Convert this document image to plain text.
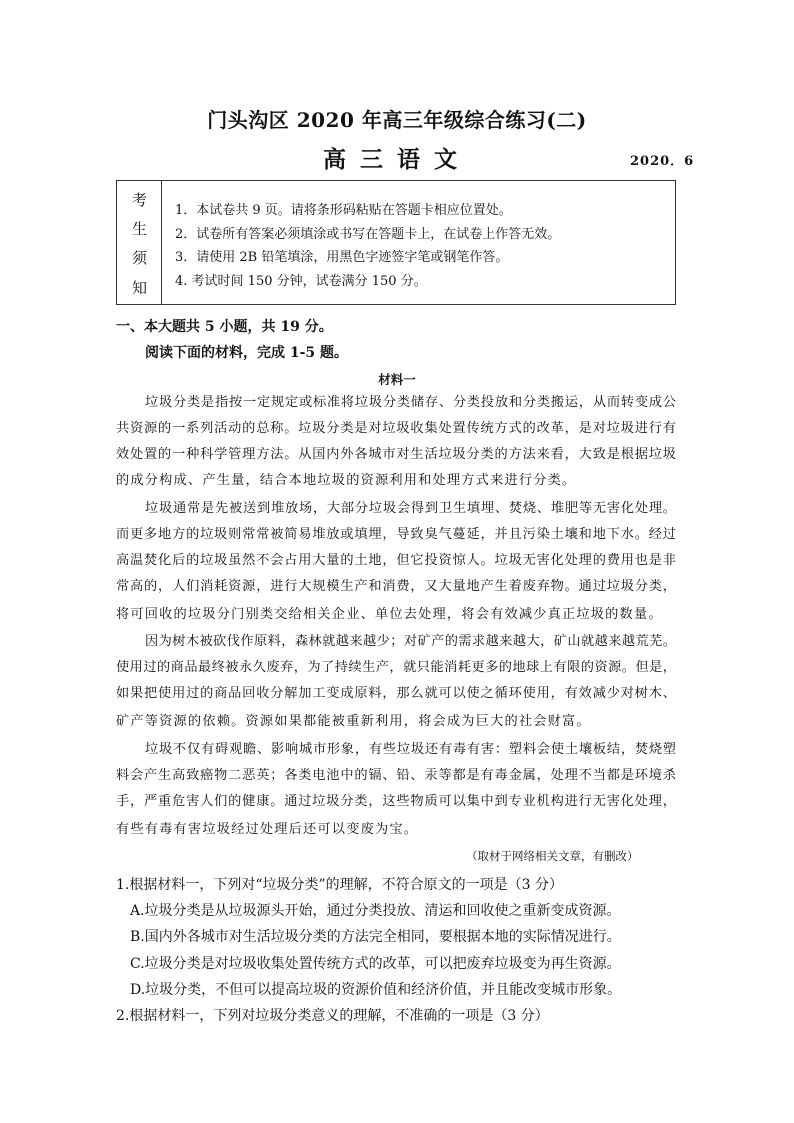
门头沟区 2020 年高三年级综合练习(二)
高三语文	2020．6
考
生
须
知
1．本试卷共 9 页。请将条形码粘贴在答题卡相应位置处。
2．试卷所有答案必须填涂或书写在答题卡上，在试卷上作答无效。
3．请使用 2B 铅笔填涂，用黑色字迹签字笔或钢笔作答。
4. 考试时间 150 分钟，试卷满分 150 分。
一、本大题共 5 小题，共 19 分。
阅读下面的材料，完成 1-5 题。
材料一
垃圾分类是指按一定规定或标准将垃圾分类储存、分类投放和分类搬运，从而转变成公
共资源的一系列活动的总称。垃圾分类是对垃圾收集处置传统方式的改革，是对垃圾进行有
效处置的一种科学管理方法。从国内外各城市对生活垃圾分类的方法来看，大致是根据垃圾
的成分构成、产生量，结合本地垃圾的资源利用和处理方式来进行分类。
垃圾通常是先被送到堆放场，大部分垃圾会得到卫生填埋、焚烧、堆肥等无害化处理。
而更多地方的垃圾则常常被简易堆放或填埋，导致臭气蔓延，并且污染土壤和地下水。经过
高温焚化后的垃圾虽然不会占用大量的土地，但它投资惊人。垃圾无害化处理的费用也是非
常高的，人们消耗资源，进行大规模生产和消费，又大量地产生着废弃物。通过垃圾分类，
将可回收的垃圾分门别类交给相关企业、单位去处理，将会有效减少真正垃圾的数量。
因为树木被砍伐作原料，森林就越来越少；对矿产的需求越来越大，矿山就越来越荒芜。
使用过的商品最终被永久废弃，为了持续生产，就只能消耗更多的地球上有限的资源。但是，
如果把使用过的商品回收分解加工变成原料，那么就可以使之循环使用，有效减少对树木、
矿产等资源的依赖。资源如果都能被重新利用，将会成为巨大的社会财富。
垃圾不仅有碍观瞻、影响城市形象，有些垃圾还有毒有害：塑料会使土壤板结，焚烧塑
料会产生高致癌物二恶英；各类电池中的镉、铅、汞等都是有毒金属，处理不当都是环境杀
手，严重危害人们的健康。通过垃圾分类，这些物质可以集中到专业机构进行无害化处理，
有些有毒有害垃圾经过处理后还可以变废为宝。
（取材于网络相关文章，有删改）
1.根据材料一，下列对“垃圾分类”的理解，不符合原文的一项是（3 分）
A.垃圾分类是从垃圾源头开始，通过分类投放、清运和回收使之重新变成资源。
B.国内外各城市对生活垃圾分类的方法完全相同，要根据本地的实际情况进行。
C.垃圾分类是对垃圾收集处置传统方式的改革，可以把废弃垃圾变为再生资源。
D.垃圾分类，不但可以提高垃圾的资源价值和经济价值，并且能改变城市形象。
2.根据材料一，下列对垃圾分类意义的理解，不准确的一项是（3 分）
